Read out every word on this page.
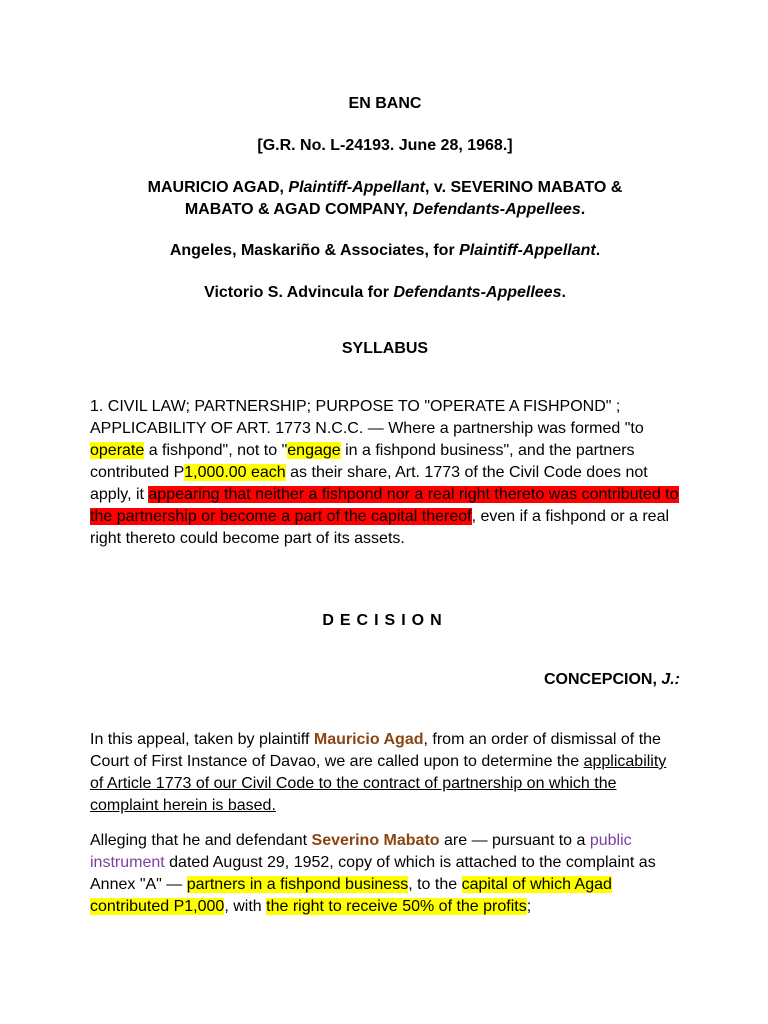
EN BANC
[G.R. No. L-24193. June 28, 1968.]
MAURICIO AGAD, Plaintiff-Appellant, v. SEVERINO MABATO &
MABATO & AGAD COMPANY, Defendants-Appellees.
Angeles, Maskariño & Associates, for Plaintiff-Appellant.
Victorio S. Advincula for Defendants-Appellees.
SYLLABUS
1. CIVIL LAW; PARTNERSHIP; PURPOSE TO "OPERATE A FISHPOND" ; APPLICABILITY OF ART. 1773 N.C.C. — Where a partnership was formed "to operate a fishpond", not to "engage in a fishpond business", and the partners contributed P1,000.00 each as their share, Art. 1773 of the Civil Code does not apply, it appearing that neither a fishpond nor a real right thereto was contributed to the partnership or become a part of the capital thereof, even if a fishpond or a real right thereto could become part of its assets.
DECISION
CONCEPCION, J.:
In this appeal, taken by plaintiff Mauricio Agad, from an order of dismissal of the Court of First Instance of Davao, we are called upon to determine the applicability of Article 1773 of our Civil Code to the contract of partnership on which the complaint herein is based.
Alleging that he and defendant Severino Mabato are — pursuant to a public instrument dated August 29, 1952, copy of which is attached to the complaint as Annex "A" — partners in a fishpond business, to the capital of which Agad contributed P1,000, with the right to receive 50% of the profits;
